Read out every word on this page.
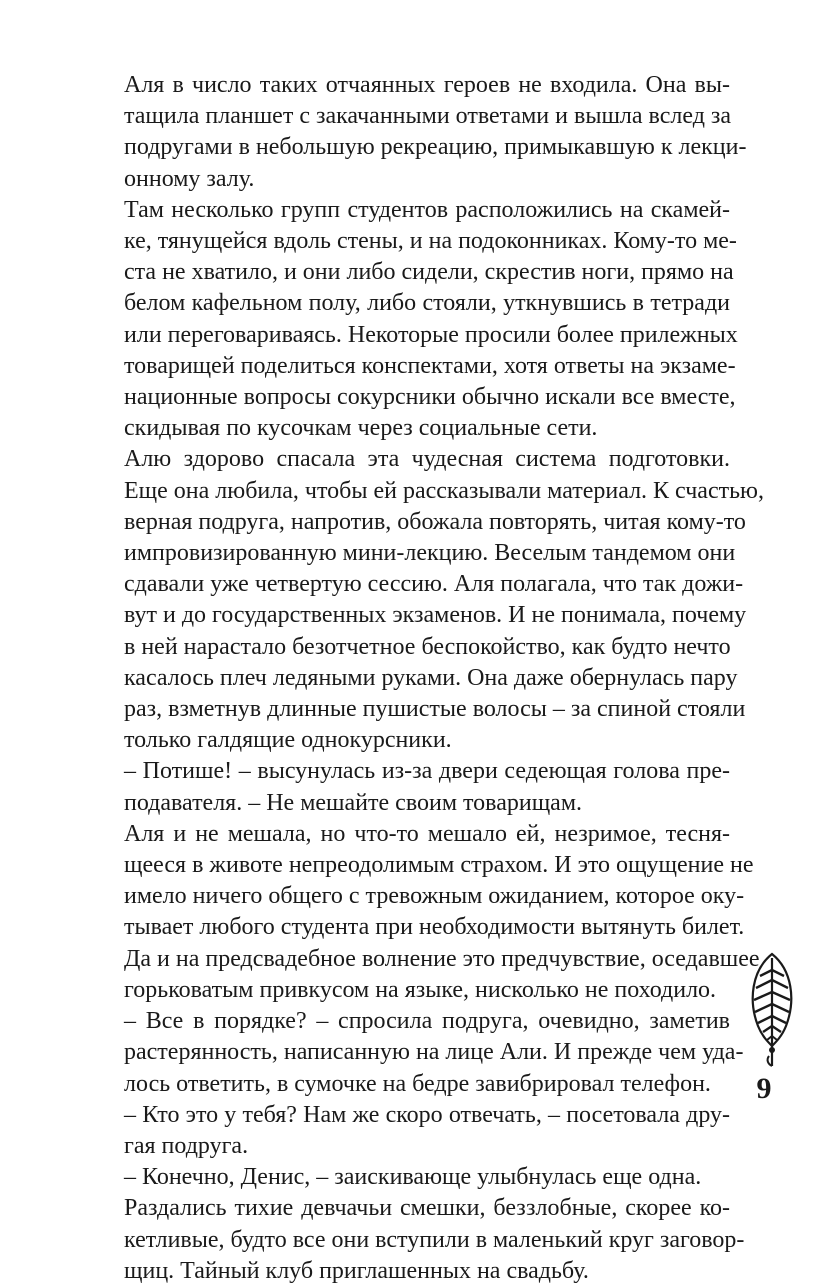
Аля в число таких отчаянных героев не входила. Она вы-
тащила планшет с закачанными ответами и вышла вслед за
подругами в небольшую рекреацию, примыкавшую к лекци-
онному залу.

Там несколько групп студентов расположились на скамей-
ке, тянущейся вдоль стены, и на подоконниках. Кому-то ме-
ста не хватило, и они либо сидели, скрестив ноги, прямо на
белом кафельном полу, либо стояли, уткнувшись в тетради
или переговариваясь. Некоторые просили более прилежных
товарищей поделиться конспектами, хотя ответы на экзаме-
национные вопросы сокурсники обычно искали все вместе,
скидывая по кусочкам через социальные сети.

Алю здорово спасала эта чудесная система подготовки.
Еще она любила, чтобы ей рассказывали материал. К счастью,
верная подруга, напротив, обожала повторять, читая кому-то
импровизированную мини-лекцию. Веселым тандемом они
сдавали уже четвертую сессию. Аля полагала, что так дожи-
вут и до государственных экзаменов. И не понимала, почему
в ней нарастало безотчетное беспокойство, как будто нечто
касалось плеч ледяными руками. Она даже обернулась пару
раз, взметнув длинные пушистые волосы – за спиной стояли
только галдящие однокурсники.

– Потише! – высунулась из-за двери седеющая голова пре-
подавателя. – Не мешайте своим товарищам.

Аля и не мешала, но что-то мешало ей, незримое, тесня-
щееся в животе непреодолимым страхом. И это ощущение не
имело ничего общего с тревожным ожиданием, которое оку-
тывает любого студента при необходимости вытянуть билет.
Да и на предсвадебное волнение это предчувствие, оседавшее
горьковатым привкусом на языке, нисколько не походило.

– Все в порядке? – спросила подруга, очевидно, заметив
растерянность, написанную на лице Али. И прежде чем уда-
лось ответить, в сумочке на бедре завибрировал телефон.

– Кто это у тебя? Нам же скоро отвечать, – посетовала дру-
гая подруга.

– Конечно, Денис, – заискивающе улыбнулась еще одна.

Раздались тихие девчачьи смешки, беззлобные, скорее ко-
кетливые, будто все они вступили в маленький круг заговор-
щиц. Тайный клуб приглашенных на свадьбу.

9
